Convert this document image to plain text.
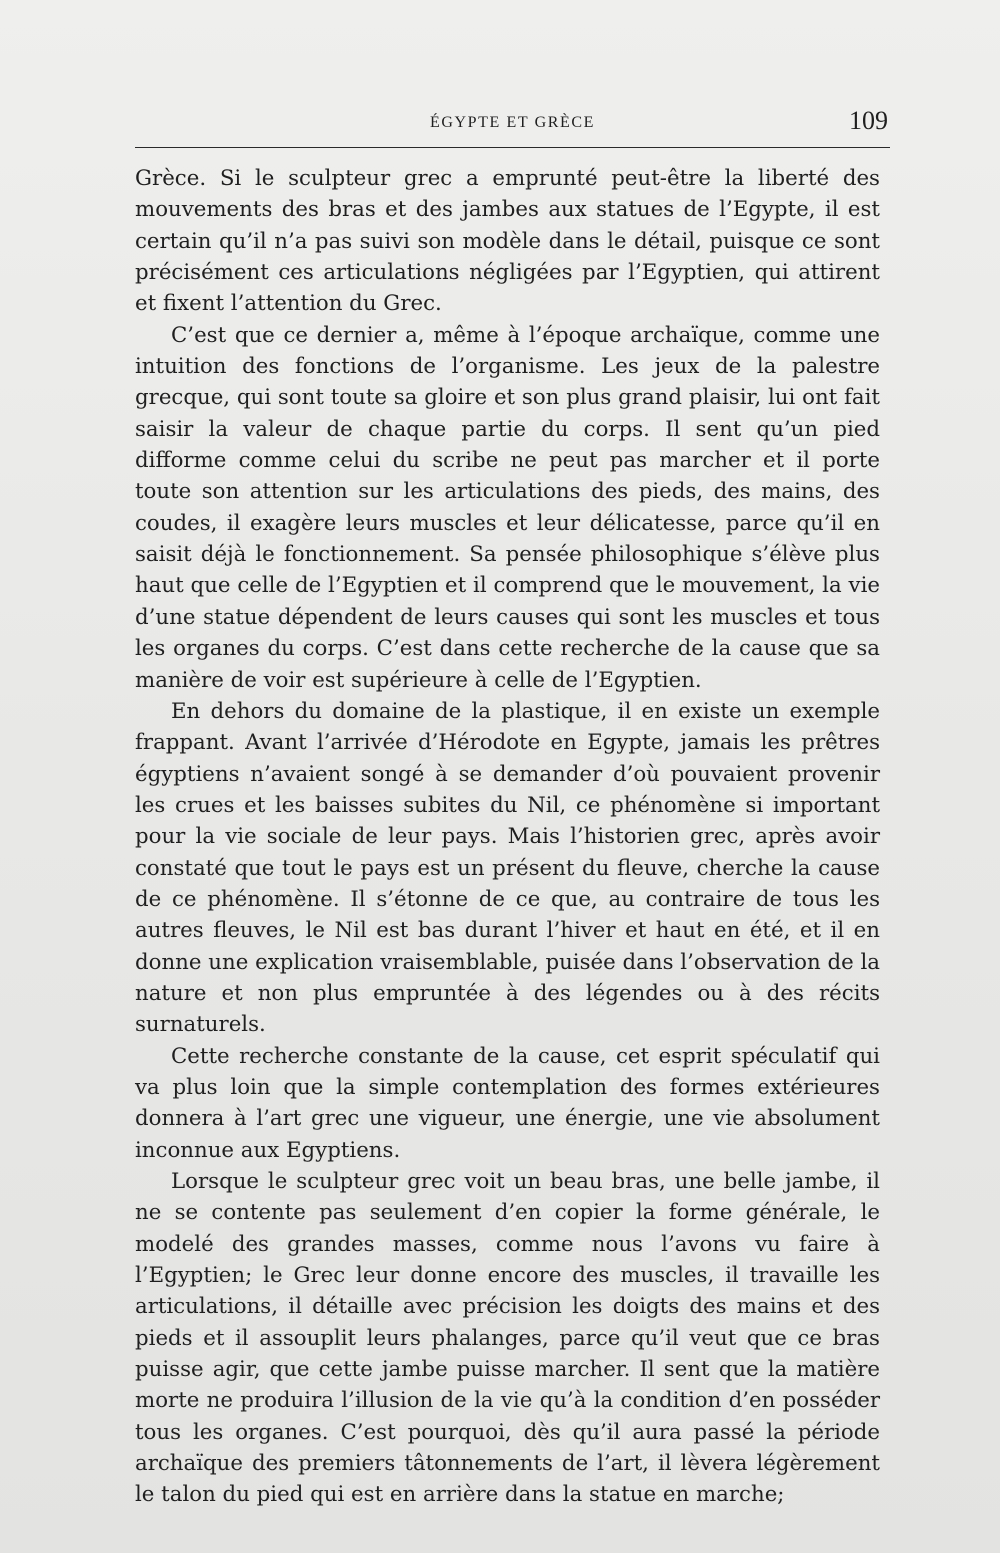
ÉGYPTE ET GRÈCE	109

Grèce. Si le sculpteur grec a emprunté peut-être la liberté des mouvements des bras et des jambes aux statues de l’Egypte, il est certain qu’il n’a pas suivi son modèle dans le détail, puisque ce sont précisément ces articulations négligées par l’Egyptien, qui attirent et fixent l’attention du Grec.

C’est que ce dernier a, même à l’époque archaïque, comme une intuition des fonctions de l’organisme. Les jeux de la palestre grecque, qui sont toute sa gloire et son plus grand plaisir, lui ont fait saisir la valeur de chaque partie du corps. Il sent qu’un pied difforme comme celui du scribe ne peut pas marcher et il porte toute son attention sur les articulations des pieds, des mains, des coudes, il exagère leurs muscles et leur délicatesse, parce qu’il en saisit déjà le fonctionnement. Sa pensée philosophique s’élève plus haut que celle de l’Egyptien et il comprend que le mouvement, la vie d’une statue dépendent de leurs causes qui sont les muscles et tous les organes du corps. C’est dans cette recherche de la cause que sa manière de voir est supérieure à celle de l’Egyptien.

En dehors du domaine de la plastique, il en existe un exemple frappant. Avant l’arrivée d’Hérodote en Egypte, jamais les prêtres égyptiens n’avaient songé à se demander d’où pouvaient provenir les crues et les baisses subites du Nil, ce phénomène si important pour la vie sociale de leur pays. Mais l’historien grec, après avoir constaté que tout le pays est un présent du fleuve, cherche la cause de ce phénomène. Il s’étonne de ce que, au contraire de tous les autres fleuves, le Nil est bas durant l’hiver et haut en été, et il en donne une explication vraisemblable, puisée dans l’observation de la nature et non plus empruntée à des légendes ou à des récits surnaturels.

Cette recherche constante de la cause, cet esprit spéculatif qui va plus loin que la simple contemplation des formes extérieures donnera à l’art grec une vigueur, une énergie, une vie absolument inconnue aux Egyptiens.

Lorsque le sculpteur grec voit un beau bras, une belle jambe, il ne se contente pas seulement d’en copier la forme générale, le modelé des grandes masses, comme nous l’avons vu faire à l’Egyptien; le Grec leur donne encore des muscles, il travaille les articulations, il détaille avec précision les doigts des mains et des pieds et il assouplit leurs phalanges, parce qu’il veut que ce bras puisse agir, que cette jambe puisse marcher. Il sent que la matière morte ne produira l’illusion de la vie qu’à la condition d’en posséder tous les organes. C’est pourquoi, dès qu’il aura passé la période archaïque des premiers tâtonnements de l’art, il lèvera légèrement le talon du pied qui est en arrière dans la statue en marche;
